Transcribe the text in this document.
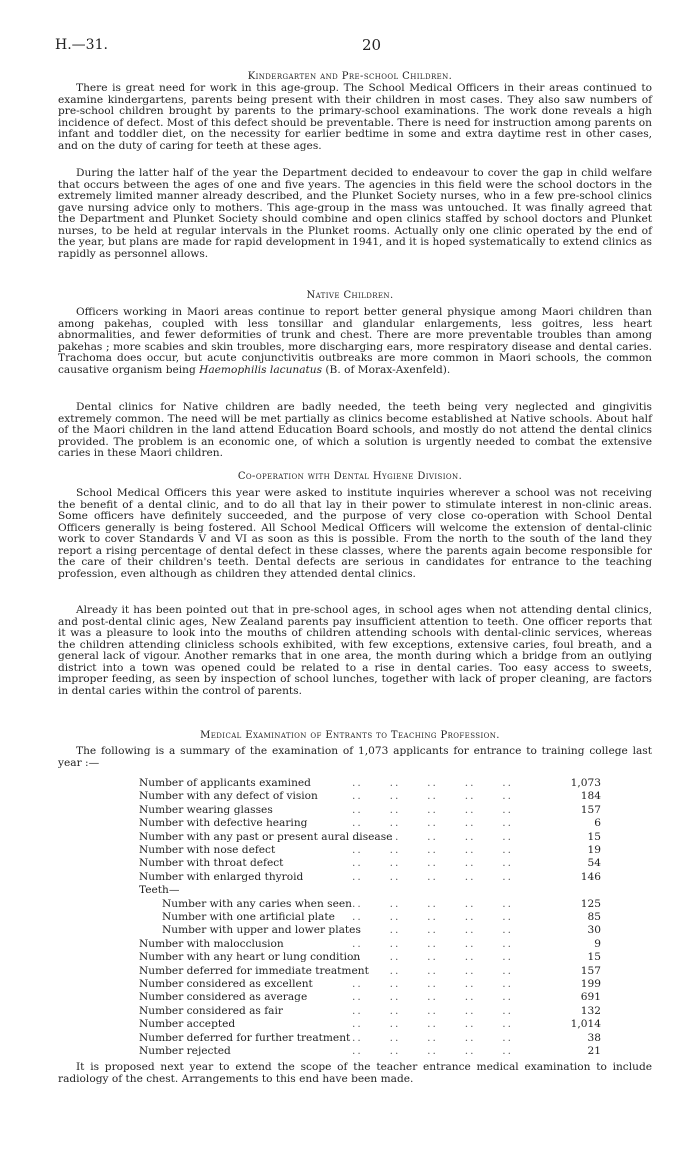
H.—31.	20
Kindergarten and Pre-school Children.

There is great need for work in this age-group. The School Medical Officers in their areas continued to examine kindergartens, parents being present with their children in most cases. They also saw numbers of pre-school children brought by parents to the primary-school examinations. The work done reveals a high incidence of defect. Most of this defect should be preventable. There is need for instruction among parents on infant and toddler diet, on the necessity for earlier bedtime in some and extra daytime rest in other cases, and on the duty of caring for teeth at these ages.

During the latter half of the year the Department decided to endeavour to cover the gap in child welfare that occurs between the ages of one and five years. The agencies in this field were the school doctors in the extremely limited manner already described, and the Plunket Society nurses, who in a few pre-school clinics gave nursing advice only to mothers. This age-group in the mass was untouched. It was finally agreed that the Department and Plunket Society should combine and open clinics staffed by school doctors and Plunket nurses, to be held at regular intervals in the Plunket rooms. Actually only one clinic operated by the end of the year, but plans are made for rapid development in 1941, and it is hoped systematically to extend clinics as rapidly as personnel allows.

Native Children.

Officers working in Maori areas continue to report better general physique among Maori children than among pakehas, coupled with less tonsillar and glandular enlargements, less goitres, less heart abnormalities, and fewer deformities of trunk and chest. There are more preventable troubles than among pakehas ; more scabies and skin troubles, more discharging ears, more respiratory disease and dental caries. Trachoma does occur, but acute conjunctivitis outbreaks are more common in Maori schools, the common causative organism being Haemophilis lacunatus (B. of Morax-Axenfeld).

Dental clinics for Native children are badly needed, the teeth being very neglected and gingivitis extremely common. The need will be met partially as clinics become established at Native schools. About half of the Maori children in the land attend Education Board schools, and mostly do not attend the dental clinics provided. The problem is an economic one, of which a solution is urgently needed to combat the extensive caries in these Maori children.

Co-operation with Dental Hygiene Division.

School Medical Officers this year were asked to institute inquiries wherever a school was not receiving the benefit of a dental clinic, and to do all that lay in their power to stimulate interest in non-clinic areas. Some officers have definitely succeeded, and the purpose of very close co-operation with School Dental Officers generally is being fostered. All School Medical Officers will welcome the extension of dental-clinic work to cover Standards V and VI as soon as this is possible. From the north to the south of the land they report a rising percentage of dental defect in these classes, where the parents again become responsible for the care of their children's teeth. Dental defects are serious in candidates for entrance to the teaching profession, even although as children they attended dental clinics.

Already it has been pointed out that in pre-school ages, in school ages when not attending dental clinics, and post-dental clinic ages, New Zealand parents pay insufficient attention to teeth. One officer reports that it was a pleasure to look into the mouths of children attending schools with dental-clinic services, whereas the children attending clinicless schools exhibited, with few exceptions, extensive caries, foul breath, and a general lack of vigour. Another remarks that in one area, the month during which a bridge from an outlying district into a town was opened could be related to a rise in dental caries. Too easy access to sweets, improper feeding, as seen by inspection of school lunches, together with lack of proper cleaning, are factors in dental caries within the control of parents.

Medical Examination of Entrants to Teaching Profession.

The following is a summary of the examination of 1,073 applicants for entrance to training college last year :—

Number of applicants examined	..     ..     ..     ..     ..	1,073
Number with any defect of vision	..     ..     ..     ..     ..	184
Number wearing glasses	..     ..     ..     ..     ..	157
Number with defective hearing	..     ..     ..     ..     ..	6
Number with any past or present aural disease
..     ..     ..     ..     ..	15
Number with nose defect	..     ..     ..     ..     ..	19
Number with throat defect	..     ..     ..     ..     ..	54
Number with enlarged thyroid	..     ..     ..     ..     ..	146
Teeth—
Number with any caries when seen ..     ..     ..     ..     ..	125
Number with one artificial plate ..     ..     ..     ..     ..	85
Number with upper and lower plates
..     ..     ..     ..     ..	30
Number with malocclusion	..     ..     ..     ..     ..	9
Number with any heart or lung condition
..     ..     ..     ..     ..	15
Number deferred for immediate treatment
..     ..     ..     ..     ..	157
Number considered as excellent	..     ..     ..     ..     ..	199
Number considered as average	..     ..     ..     ..     ..	691
Number considered as fair	..     ..     ..     ..     ..	132
Number accepted	..     ..     ..     ..     ..	1,014
Number deferred for further treatment ..     ..     ..     ..     ..	38
Number rejected	..     ..     ..     ..     ..	21

It is proposed next year to extend the scope of the teacher entrance medical examination to include radiology of the chest. Arrangements to this end have been made.
